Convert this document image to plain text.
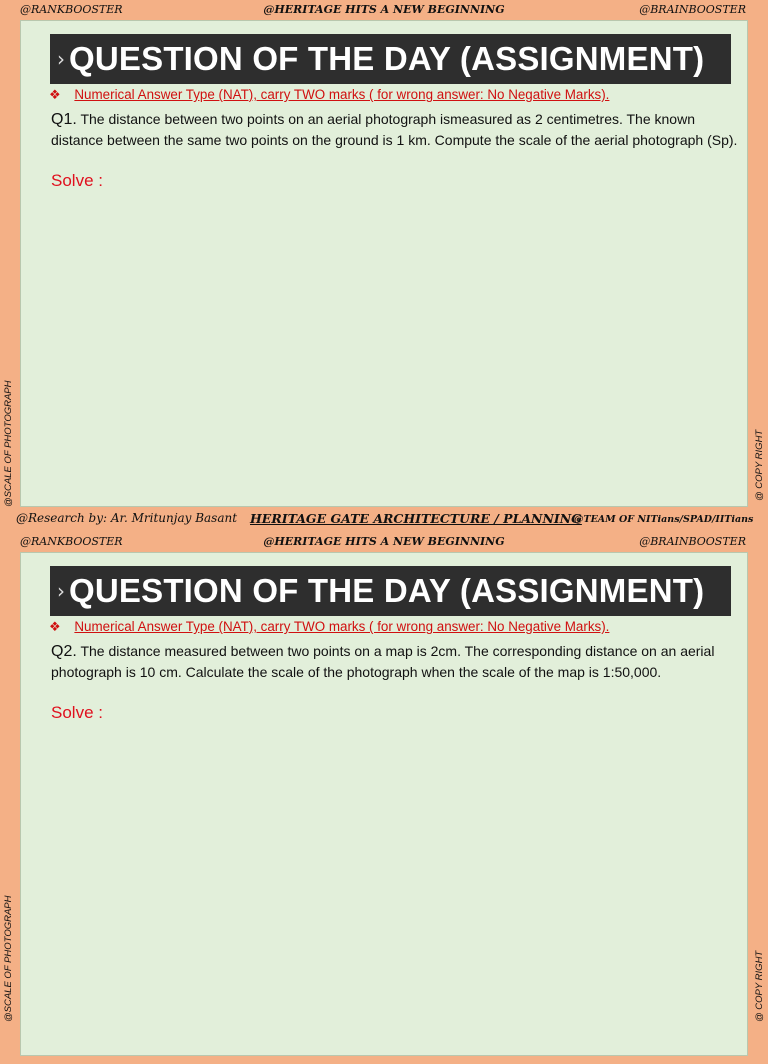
@RANKBOOSTER	@HERITAGE HITS A NEW BEGINNING	@BRAINBOOSTER
› QUESTION OF THE DAY (ASSIGNMENT)
❖ Numerical Answer Type (NAT), carry TWO marks ( for wrong answer: No Negative Marks).
Q1. The distance between two points on an aerial photograph ismeasured as 2 centimetres. The known distance between the same two points on the ground is 1 km. Compute the scale of the aerial photograph (Sp).
Solve :
@SCALE OF PHOTOGRAPH	@ COPY RIGHT
@Research by: Ar. Mritunjay Basant HERITAGE GATE ARCHITECTURE / PLANNING
@TEAM OF NITians/SPAD/IITians
@RANKBOOSTER	@HERITAGE HITS A NEW BEGINNING	@BRAINBOOSTER
› QUESTION OF THE DAY (ASSIGNMENT)
❖ Numerical Answer Type (NAT), carry TWO marks ( for wrong answer: No Negative Marks).
Q2. The distance measured between two points on a map is 2cm. The corresponding distance on an aerial photograph is 10 cm. Calculate the scale of the photograph when the scale of the map is 1:50,000.
Solve :
@SCALE OF PHOTOGRAPH	@ COPY RIGHT
